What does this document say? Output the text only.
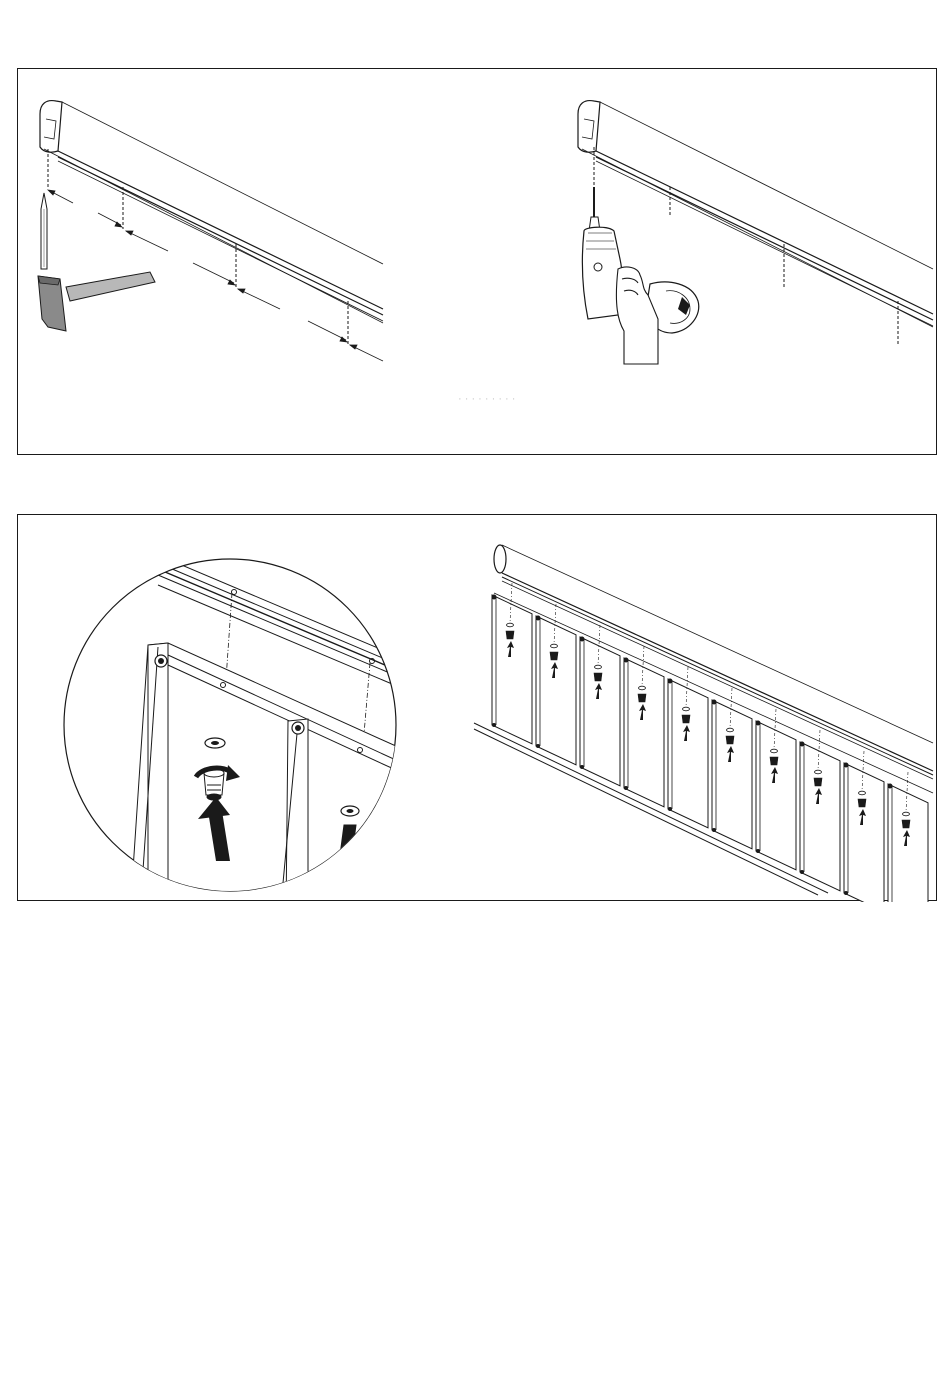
· · · · · · · · ·
